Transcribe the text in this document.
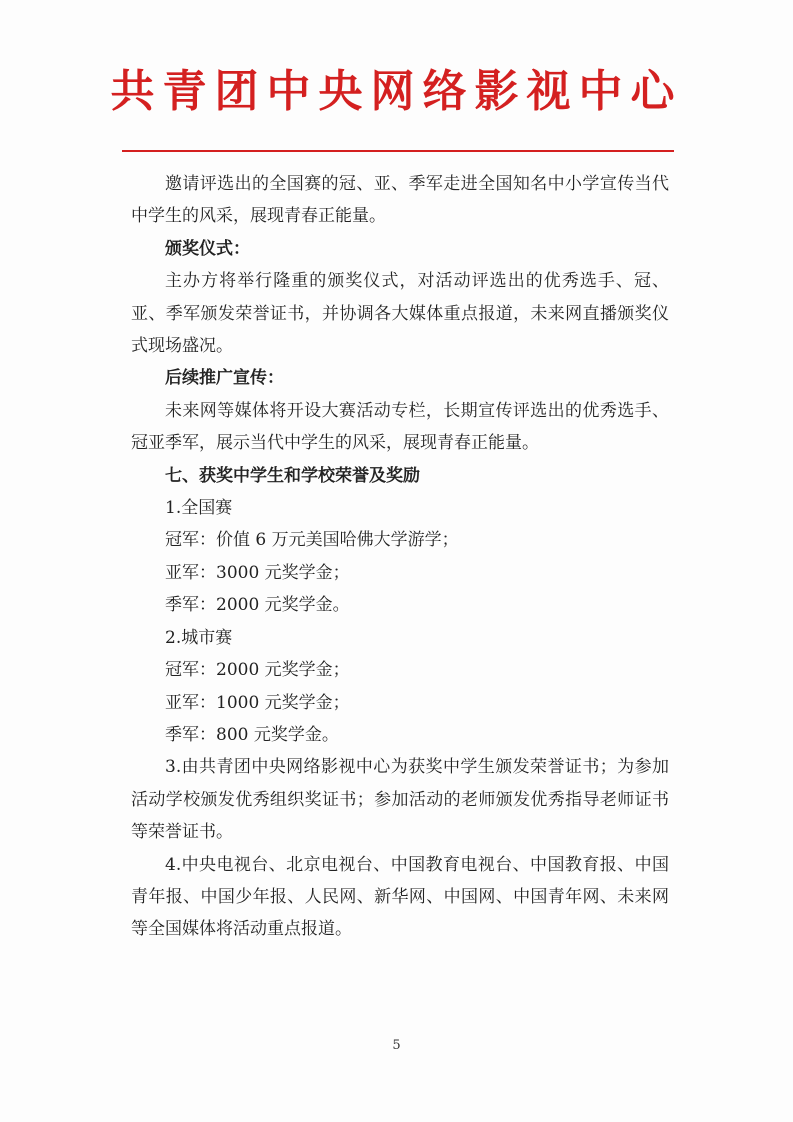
共青团中央网络影视中心

邀请评选出的全国赛的冠、亚、季军走进全国知名中小学宣传当代中学生的风采，展现青春正能量。

颁奖仪式：

主办方将举行隆重的颁奖仪式，对活动评选出的优秀选手、冠、亚、季军颁发荣誉证书，并协调各大媒体重点报道，未来网直播颁奖仪式现场盛况。

后续推广宣传：

未来网等媒体将开设大赛活动专栏，长期宣传评选出的优秀选手、冠亚季军，展示当代中学生的风采，展现青春正能量。

七、获奖中学生和学校荣誉及奖励

1.全国赛

冠军：价值 6 万元美国哈佛大学游学；

亚军：3000 元奖学金；

季军：2000 元奖学金。

2.城市赛

冠军：2000 元奖学金；

亚军：1000 元奖学金；

季军：800 元奖学金。

3.由共青团中央网络影视中心为获奖中学生颁发荣誉证书；为参加活动学校颁发优秀组织奖证书；参加活动的老师颁发优秀指导老师证书等荣誉证书。

4.中央电视台、北京电视台、中国教育电视台、中国教育报、中国青年报、中国少年报、人民网、新华网、中国网、中国青年网、未来网等全国媒体将活动重点报道。

5
